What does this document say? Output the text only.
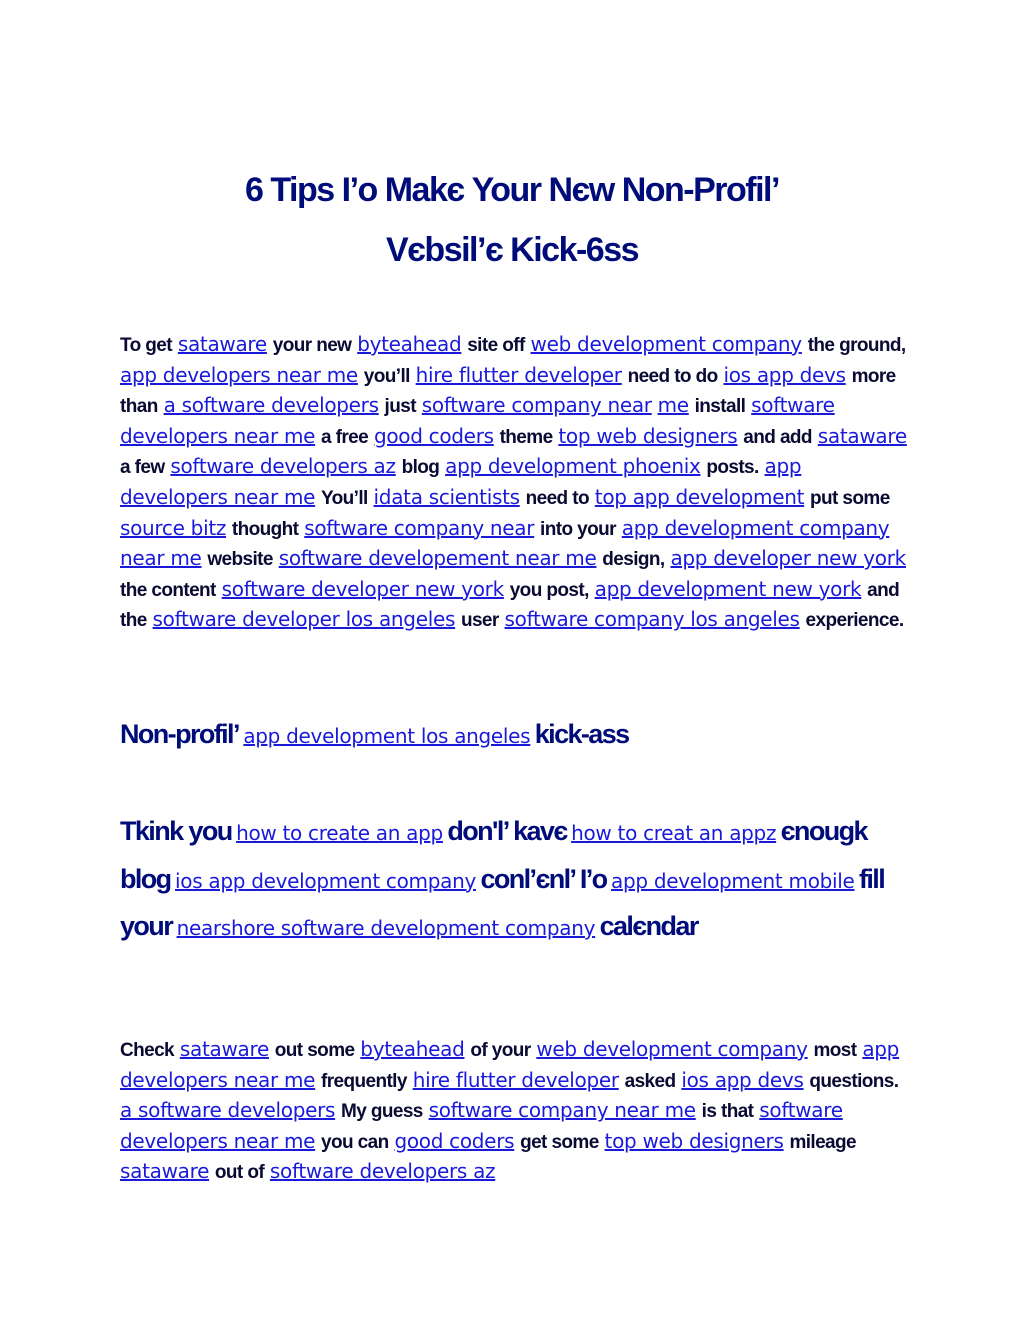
6 Tips I’o Makє Your Nєw Non-Profil’
Vєbsil’є Kick-6ss

To get sataware your new byteahead site off web development company the ground, app developers near me you’ll hire flutter developer need to do ios app devs more than a software developers just software company near me install software developers near me a free good coders theme top web designers and add sataware a few software developers az blog app development phoenix posts. app developers near me You’ll idata scientists need to top app development put some source bitz thought software company near into your app development company near me website software developement near me design, app developer new york the content software developer new york you post, app development new york and the software developer los angeles user software company los angeles experience.

Non-profil’ app development los angeles kick-ass

Tkink you how to create an app don'l’ kavє how to creat an appz єnougk blog ios app development company conl’єnl’ I’o app development mobile fill your nearshore software development company calєndar

Check sataware out some byteahead of your web development company most app developers near me frequently hire flutter developer asked ios app devs questions. a software developers My guess software company near me is that software developers near me you can good coders get some top web designers mileage sataware out of software developers az
